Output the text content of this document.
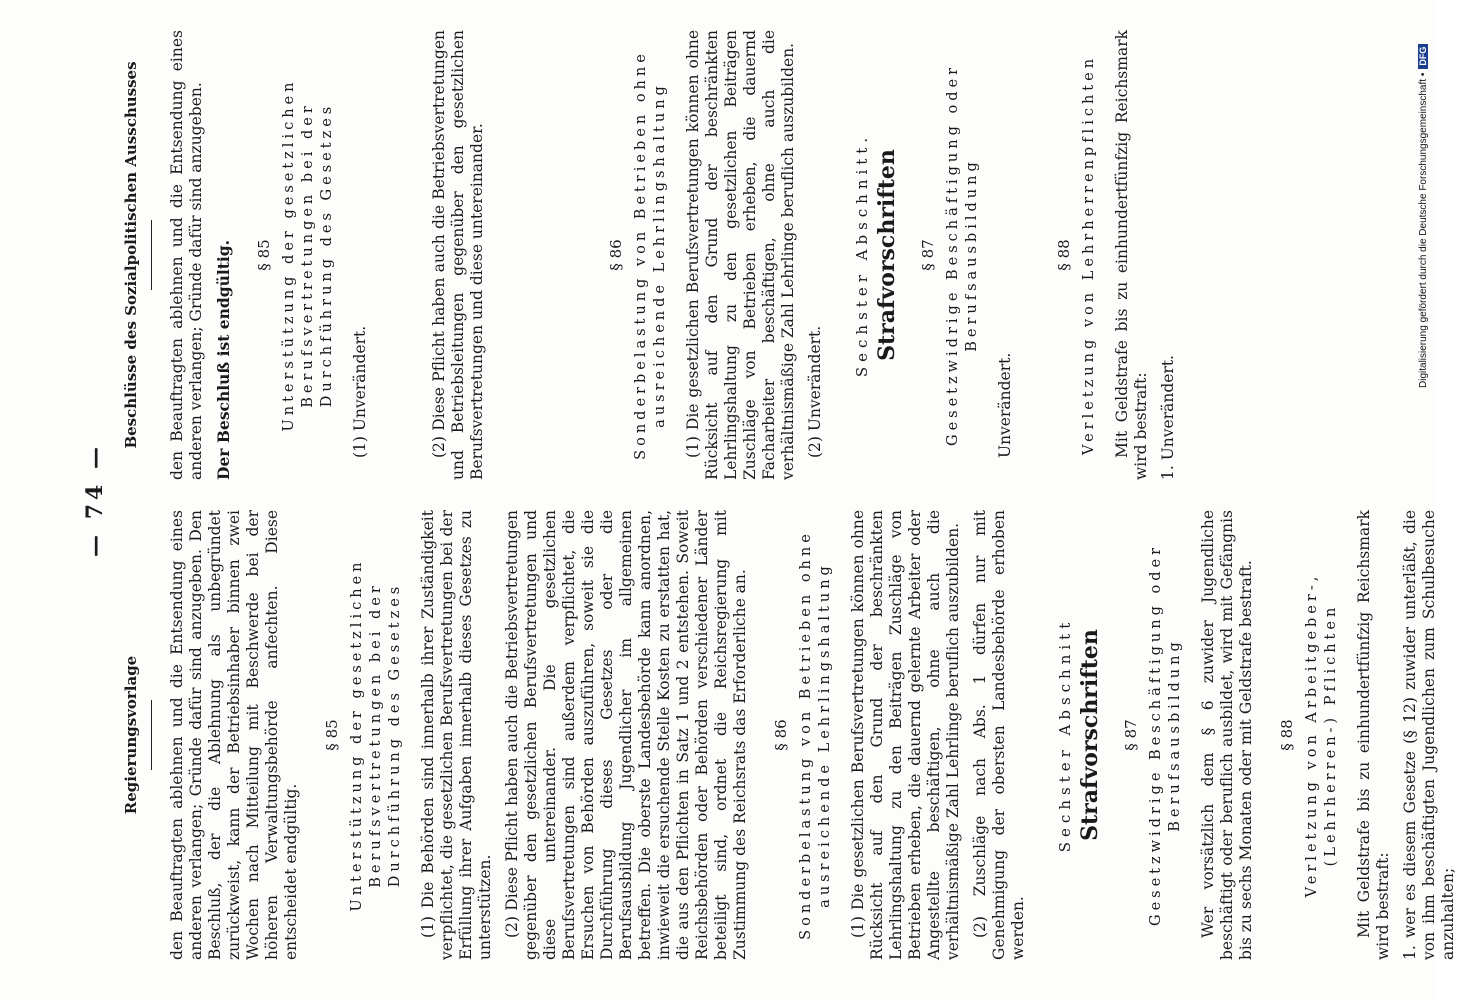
— 74 —
Regierungsvorlage	den Beauftragten ablehnen und die Entsendung eines anderen verlangen; Gründe dafür sind anzugeben. Den Beschluß, der die Ablehnung als unbegründet zurückweist, kann der Betriebsinhaber binnen zwei Wochen nach Mitteilung mit Beschwerde bei der höheren Verwaltungsbehörde anfechten. Diese entscheidet endgültig.

§ 85 Unterstützung der gesetzlichen Berufsvertretungen bei der Durchführung des Gesetzes (1) Die Behörden sind innerhalb ihrer Zuständigkeit verpflichtet, die gesetzlichen Berufsvertretungen bei der Erfüllung ihrer Aufgaben innerhalb dieses Gesetzes zu unterstützen. (2) Diese Pflicht haben auch die Betriebsvertretungen gegenüber den gesetzlichen Berufsvertretungen und diese untereinander. Die gesetzlichen Berufsvertretungen sind außerdem verpflichtet, die Ersuchen von Behörden auszuführen, soweit sie die Durchführung dieses Gesetzes oder die Berufsausbildung Jugendlicher im allgemeinen betreffen. Die oberste Landesbehörde kann anordnen, inwieweit die ersuchende Stelle Kosten zu erstatten hat, die aus den Pflichten in Satz 1 und 2 entstehen. Soweit Reichsbehörden oder Behörden verschiedener Länder beteiligt sind, ordnet die Reichsregierung mit Zustimmung des Reichsrats das Erforderliche an. § 86 Sonderbelastung von Betrieben ohne ausreichende Lehrlingshaltung (1) Die gesetzlichen Berufsvertretungen können ohne Rücksicht auf den Grund der beschränkten Lehrlingshaltung zu den Beiträgen Zuschläge von Betrieben erheben, die dauernd gelernte Arbeiter oder Angestellte beschäftigen, ohne auch die verhältnismäßige Zahl Lehrlinge beruflich auszubilden. (2) Zuschläge nach Abs. 1 dürfen nur mit Genehmigung der obersten Landesbehörde erhoben werden.

Sechster Abschnitt Strafvorschriften § 87 Gesetzwidrige Beschäftigung oder Berufsausbildung Wer vorsätzlich dem § 6 zuwider Jugendliche beschäftigt oder beruflich ausbildet, wird mit Gefängnis bis zu sechs Monaten oder mit Geldstrafe bestraft. § 88 Verletzung von Arbeitgeber-, (Lehrherren-) Pflichten Mit Geldstrafe bis zu einhundertfünfzig Reichsmark wird bestraft: 1. wer es diesem Gesetze (§ 12) zuwider unterläßt, die von ihm beschäftigten Jugendlichen zum Schulbesuche anzuhalten;

Beschlüsse des Sozialpolitischen Ausschusses	den Beauftragten ablehnen und die Entsendung eines anderen verlangen; Gründe dafür sind anzugeben. Der Beschluß ist endgültig. § 85 Unterstützung der gesetzlichen Berufsvertretungen bei der Durchführung des Gesetzes (1) Unverändert.	(2) Diese Pflicht haben auch die Betriebsvertretungen und Betriebsleitungen gegenüber den gesetzlichen Berufsvertretungen und diese untereinander.	§ 86 Sonderbelastung von Betrieben ohne ausreichende Lehrlingshaltung (1) Die gesetzlichen Berufsvertretungen können ohne Rücksicht auf den Grund der beschränkten Lehrlingshaltung zu den gesetzlichen Beiträgen Zuschläge von Betrieben erheben, die dauernd Facharbeiter beschäftigen, ohne auch die verhältnismäßige Zahl Lehrlinge beruflich auszubilden. (2) Unverändert.

Sechster Abschnitt. Strafvorschriften § 87 Gesetzwidrige Beschäftigung oder Berufsausbildung

Unverändert.

§ 88 Verletzung von Lehrherrenpflichten Mit Geldstrafe bis zu einhundertfünfzig Reichsmark wird bestraft: 1. Unverändert.

Digitalisierung gefördert durch die Deutsche Forschungsgemeinschaft •DFG
